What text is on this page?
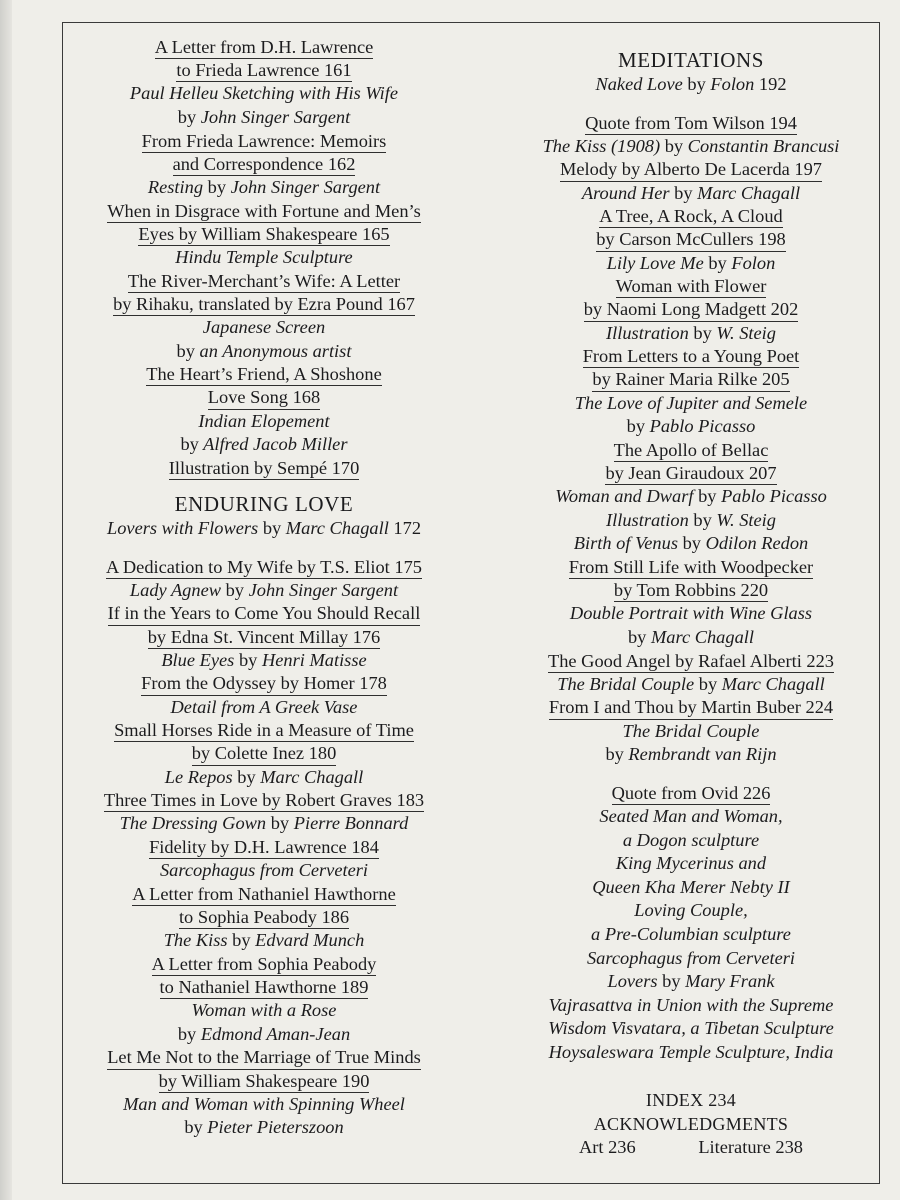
A Letter from D.H. Lawrence
to Frieda Lawrence 161
Paul Helleu Sketching with His Wife
by John Singer Sargent
From Frieda Lawrence: Memoirs
and Correspondence 162
Resting by John Singer Sargent
When in Disgrace with Fortune and Men’s
Eyes by William Shakespeare 165
Hindu Temple Sculpture
The River-Merchant’s Wife: A Letter
by Rihaku, translated by Ezra Pound 167
Japanese Screen
by an Anonymous artist
The Heart’s Friend, A Shoshone
Love Song 168
Indian Elopement
by Alfred Jacob Miller
Illustration by Sempé 170
ENDURING LOVE
Lovers with Flowers by Marc Chagall 172
A Dedication to My Wife by T.S. Eliot 175
Lady Agnew by John Singer Sargent
If in the Years to Come You Should Recall
by Edna St. Vincent Millay 176
Blue Eyes by Henri Matisse
From the Odyssey by Homer 178
Detail from A Greek Vase
Small Horses Ride in a Measure of Time
by Colette Inez 180
Le Repos by Marc Chagall
Three Times in Love by Robert Graves 183
The Dressing Gown by Pierre Bonnard
Fidelity by D.H. Lawrence 184
Sarcophagus from Cerveteri
A Letter from Nathaniel Hawthorne
to Sophia Peabody 186
The Kiss by Edvard Munch
A Letter from Sophia Peabody
to Nathaniel Hawthorne 189
Woman with a Rose
by Edmond Aman-Jean
Let Me Not to the Marriage of True Minds
by William Shakespeare 190
Man and Woman with Spinning Wheel
by Pieter Pieterszoon
MEDITATIONS
Naked Love by Folon 192
Quote from Tom Wilson 194
The Kiss (1908) by Constantin Brancusi
Melody by Alberto De Lacerda 197
Around Her by Marc Chagall
A Tree, A Rock, A Cloud
by Carson McCullers 198
Lily Love Me by Folon
Woman with Flower
by Naomi Long Madgett 202
Illustration by W. Steig
From Letters to a Young Poet
by Rainer Maria Rilke 205
The Love of Jupiter and Semele
by Pablo Picasso
The Apollo of Bellac
by Jean Giraudoux 207
Woman and Dwarf by Pablo Picasso
Illustration by W. Steig
Birth of Venus by Odilon Redon
From Still Life with Woodpecker
by Tom Robbins 220
Double Portrait with Wine Glass
by Marc Chagall
The Good Angel by Rafael Alberti 223
The Bridal Couple by Marc Chagall
From I and Thou by Martin Buber 224
The Bridal Couple
by Rembrandt van Rijn
Quote from Ovid 226
Seated Man and Woman,
a Dogon sculpture
King Mycerinus and
Queen Kha Merer Nebty II
Loving Couple,
a Pre-Columbian sculpture
Sarcophagus from Cerveteri
Lovers by Mary Frank
Vajrasattva in Union with the Supreme
Wisdom Visvatara, a Tibetan Sculpture
Hoysaleswara Temple Sculpture, India
INDEX 234
ACKNOWLEDGMENTS
Art 236	Literature 238
